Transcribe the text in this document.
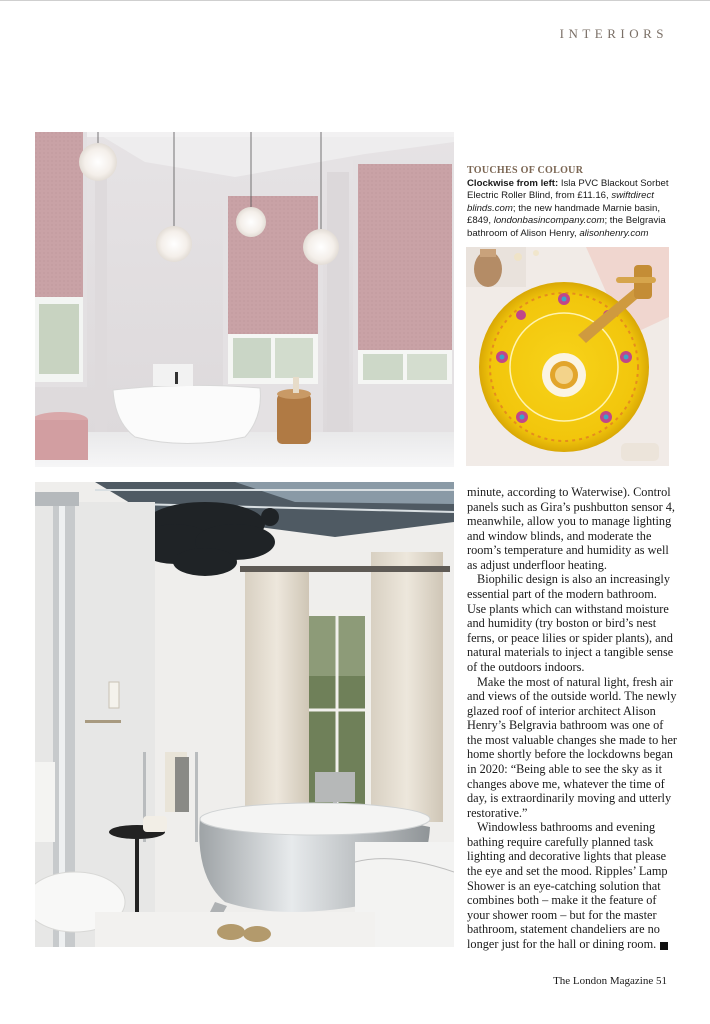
INTERIORS
TOUCHES OF COLOUR
Clockwise from left: Isla PVC Blackout Sorbet Electric Roller Blind, from £11.16, swiftdirect blinds.com; the new handmade Marnie basin, £849, londonbasincompany.com; the Belgravia bathroom of Alison Henry, alisonhenry.com

minute, according to Waterwise). Control panels such as Gira’s pushbutton sensor 4, meanwhile, allow you to manage lighting and window blinds, and moderate the room’s temperature and humidity as well as adjust underfloor heating.

Biophilic design is also an increasingly essential part of the modern bathroom. Use plants which can withstand moisture and humidity (try boston or bird’s nest ferns, or peace lilies or spider plants), and natural materials to inject a tangible sense of the outdoors indoors.

Make the most of natural light, fresh air and views of the outside world. The newly glazed roof of interior architect Alison Henry’s Belgravia bathroom was one of the most valuable changes she made to her home shortly before the lockdowns began in 2020: “Being able to see the sky as it changes above me, whatever the time of day, is extraordinarily moving and utterly restorative.”

Windowless bathrooms and evening bathing require carefully planned task lighting and decorative lights that please the eye and set the mood. Ripples’ Lamp Shower is an eye-catching solution that combines both – make it the feature of your shower room – but for the master bathroom, statement chandeliers are no longer just for the hall or dining room. L

The London Magazine 51
